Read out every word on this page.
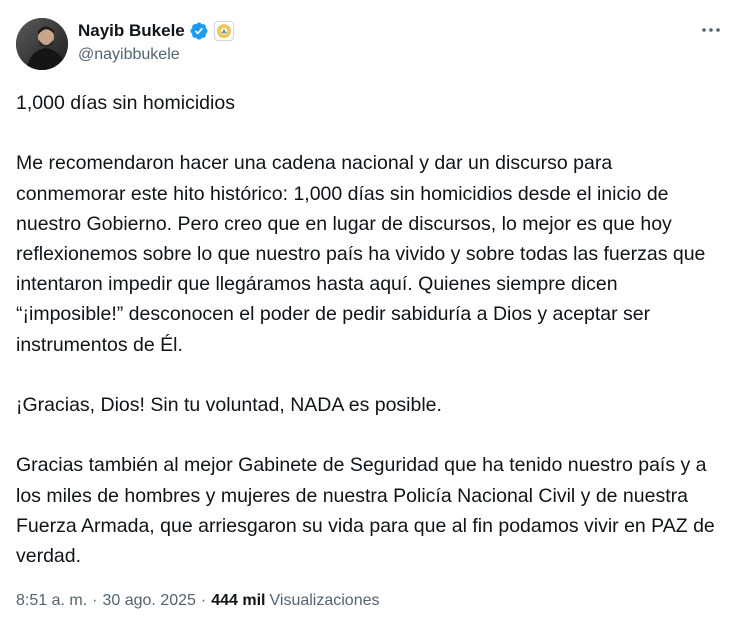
Nayib Bukele
@nayibbukele

1,000 días sin homicidios

Me recomendaron hacer una cadena nacional y dar un discurso para conmemorar este hito histórico: 1,000 días sin homicidios desde el inicio de nuestro Gobierno. Pero creo que en lugar de discursos, lo mejor es que hoy reflexionemos sobre lo que nuestro país ha vivido y sobre todas las fuerzas que intentaron impedir que llegáramos hasta aquí. Quienes siempre dicen “¡imposible!” desconocen el poder de pedir sabiduría a Dios y aceptar ser instrumentos de Él.

¡Gracias, Dios! Sin tu voluntad, NADA es posible.

Gracias también al mejor Gabinete de Seguridad que ha tenido nuestro país y a los miles de hombres y mujeres de nuestra Policía Nacional Civil y de nuestra Fuerza Armada, que arriesgaron su vida para que al fin podamos vivir en PAZ de verdad.

8:51 a. m. · 30 ago. 2025 · 444 mil Visualizaciones
